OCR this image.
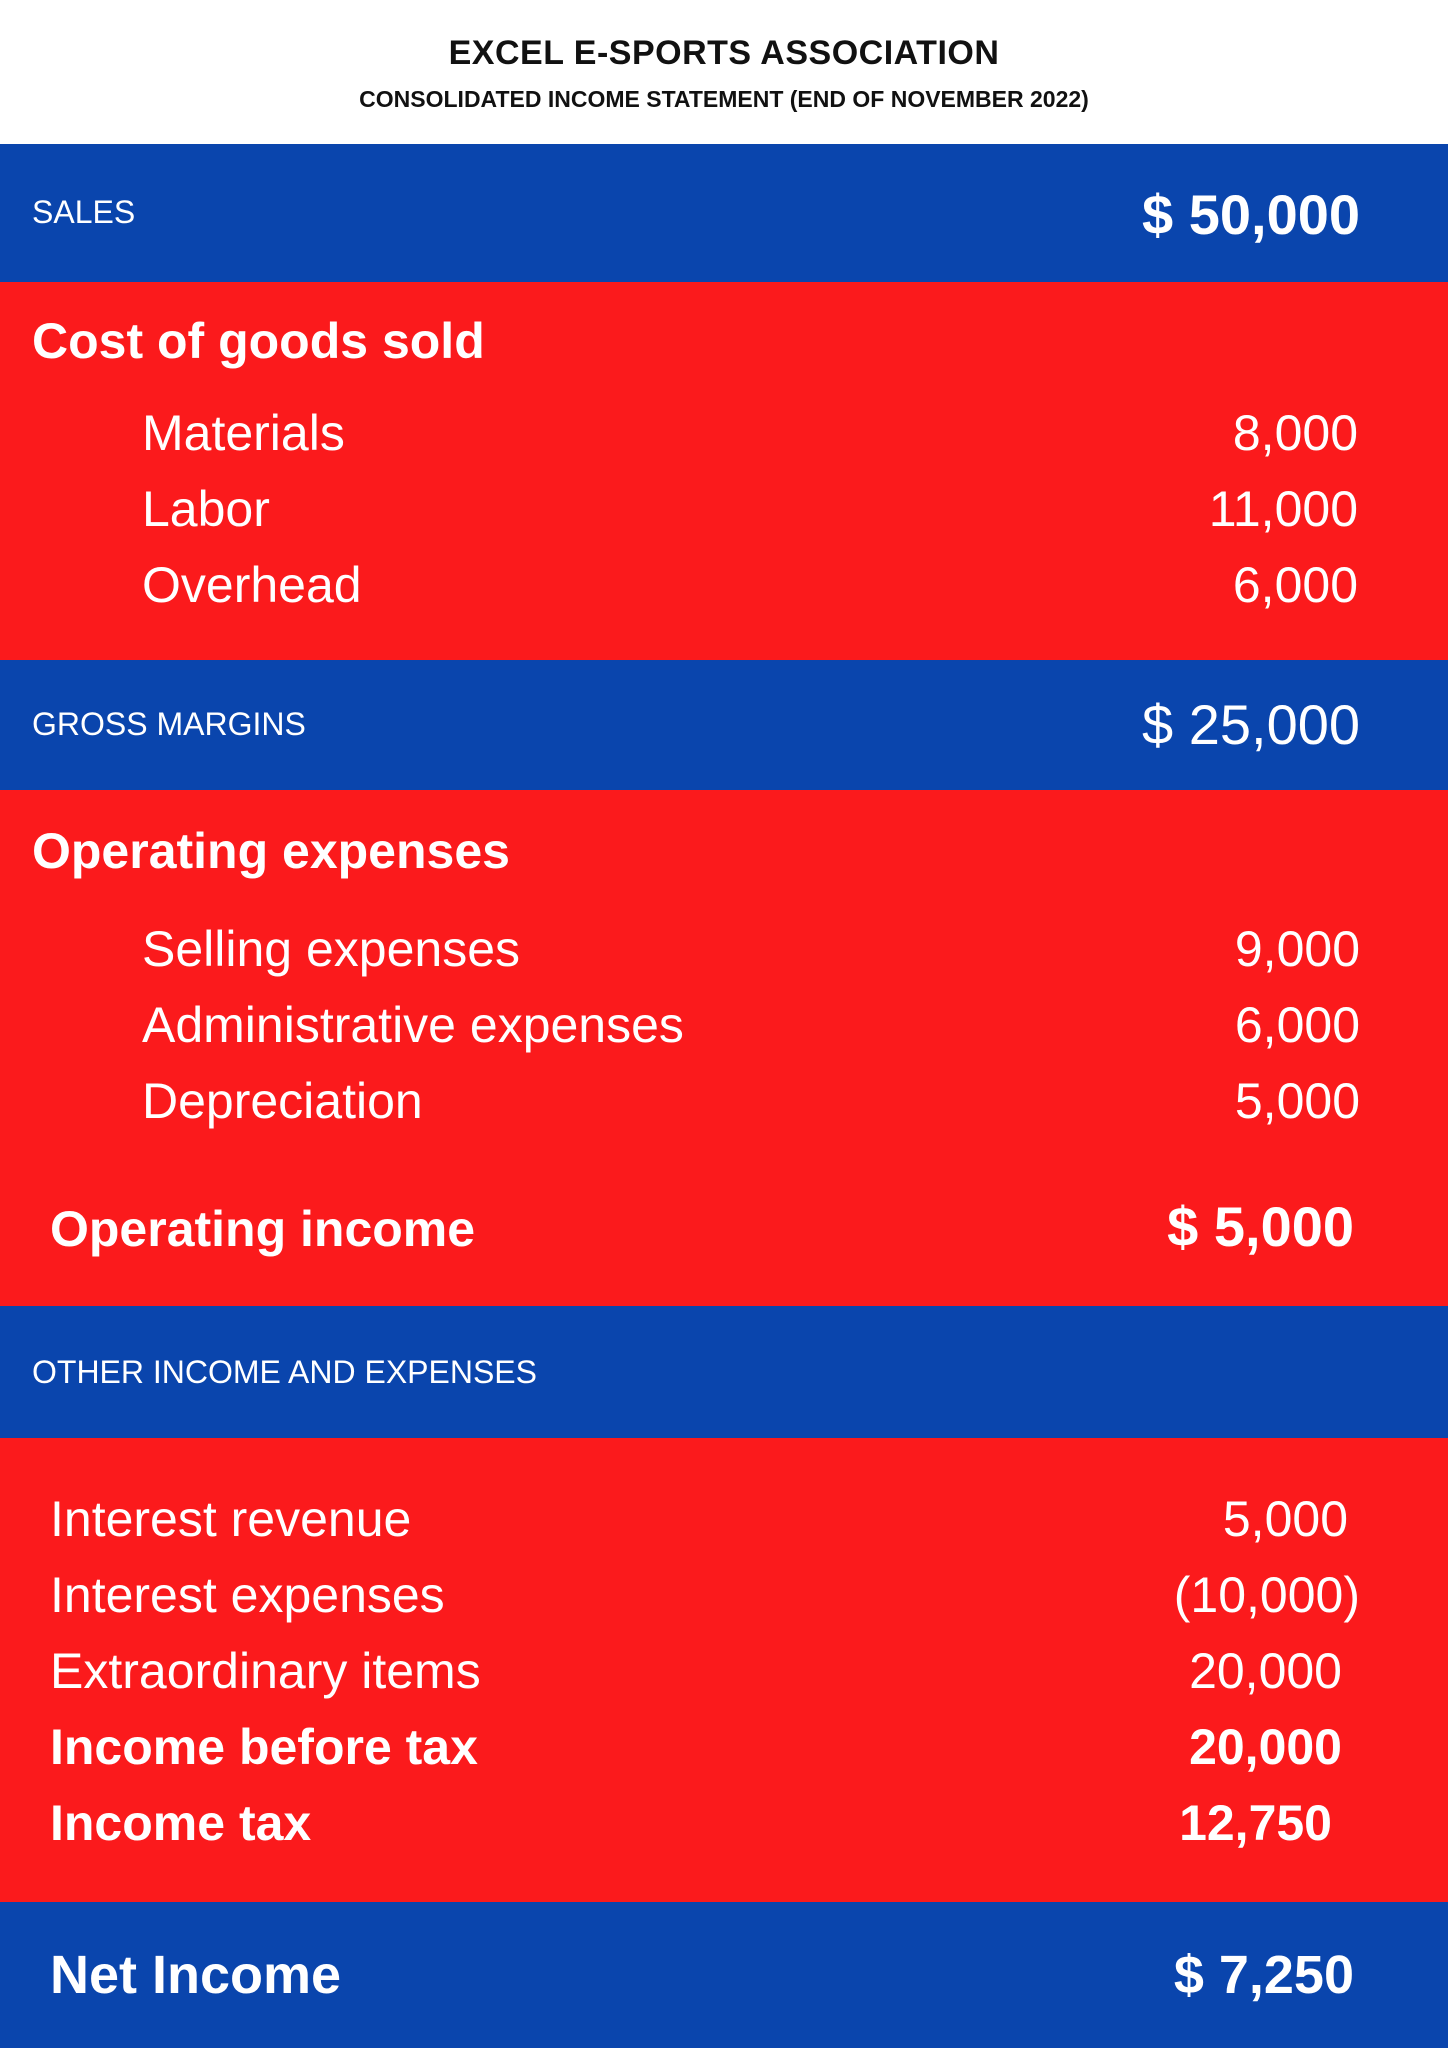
EXCEL E-SPORTS ASSOCIATION
CONSOLIDATED INCOME STATEMENT (END OF NOVEMBER 2022)
SALES	$ 50,000
Cost of goods sold
Materials	8,000
Labor	11,000
Overhead	6,000
GROSS MARGINS	$ 25,000
Operating expenses
Selling expenses	9,000
Administrative expenses	6,000
Depreciation	5,000
Operating income	$ 5,000
OTHER INCOME AND EXPENSES
Interest revenue	5,000
Interest expenses	(10,000)
Extraordinary items	20,000
Income before tax	20,000
Income tax	12,750
Net Income	$ 7,250
